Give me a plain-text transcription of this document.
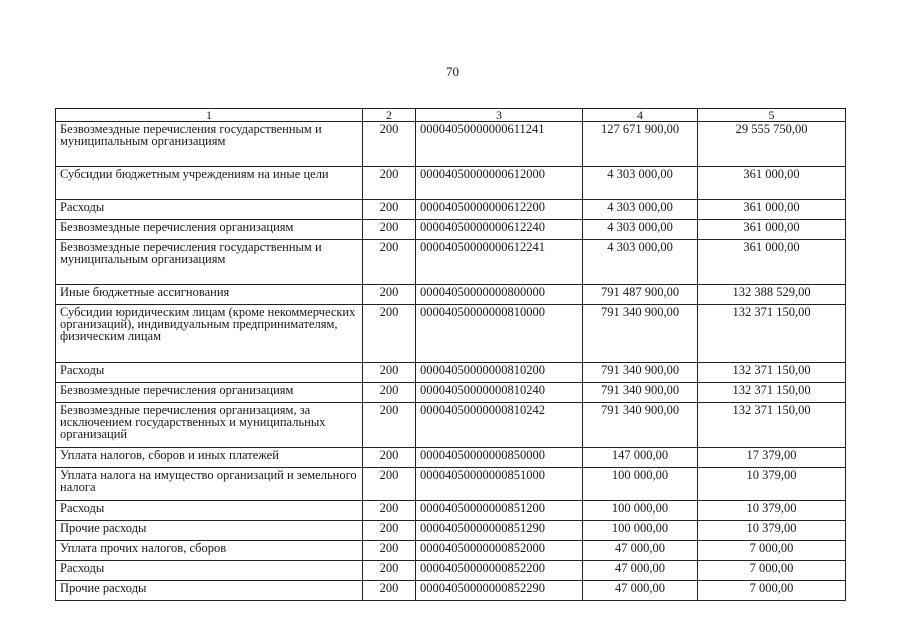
70
1	2	3	4	5
Безвозмездные перечисления государственным и муниципальным организациям	200	00004050000000611241	127 671 900,00	29 555 750,00
Субсидии бюджетным учреждениям на иные цели	200	00004050000000612000	4 303 000,00	361 000,00
Расходы	200	00004050000000612200	4 303 000,00	361 000,00
Безвозмездные перечисления организациям	200	00004050000000612240	4 303 000,00	361 000,00
Безвозмездные перечисления государственным и муниципальным организациям	200	00004050000000612241	4 303 000,00	361 000,00
Иные бюджетные ассигнования	200	00004050000000800000	791 487 900,00	132 388 529,00
Субсидии юридическим лицам (кроме некоммерческих организаций), индивидуальным предпринимателям, физическим лицам	200	00004050000000810000	791 340 900,00	132 371 150,00
Расходы	200	00004050000000810200	791 340 900,00	132 371 150,00
Безвозмездные перечисления организациям	200	00004050000000810240	791 340 900,00	132 371 150,00
Безвозмездные перечисления организациям, за исключением государственных и муниципальных организаций	200	00004050000000810242	791 340 900,00	132 371 150,00
Уплата налогов, сборов и иных платежей	200	00004050000000850000	147 000,00	17 379,00
Уплата налога на имущество организаций и земельного налога	200	00004050000000851000	100 000,00	10 379,00
Расходы	200	00004050000000851200	100 000,00	10 379,00
Прочие расходы	200	00004050000000851290	100 000,00	10 379,00
Уплата прочих налогов, сборов	200	00004050000000852000	47 000,00	7 000,00
Расходы	200	00004050000000852200	47 000,00	7 000,00
Прочие расходы	200	00004050000000852290	47 000,00	7 000,00
